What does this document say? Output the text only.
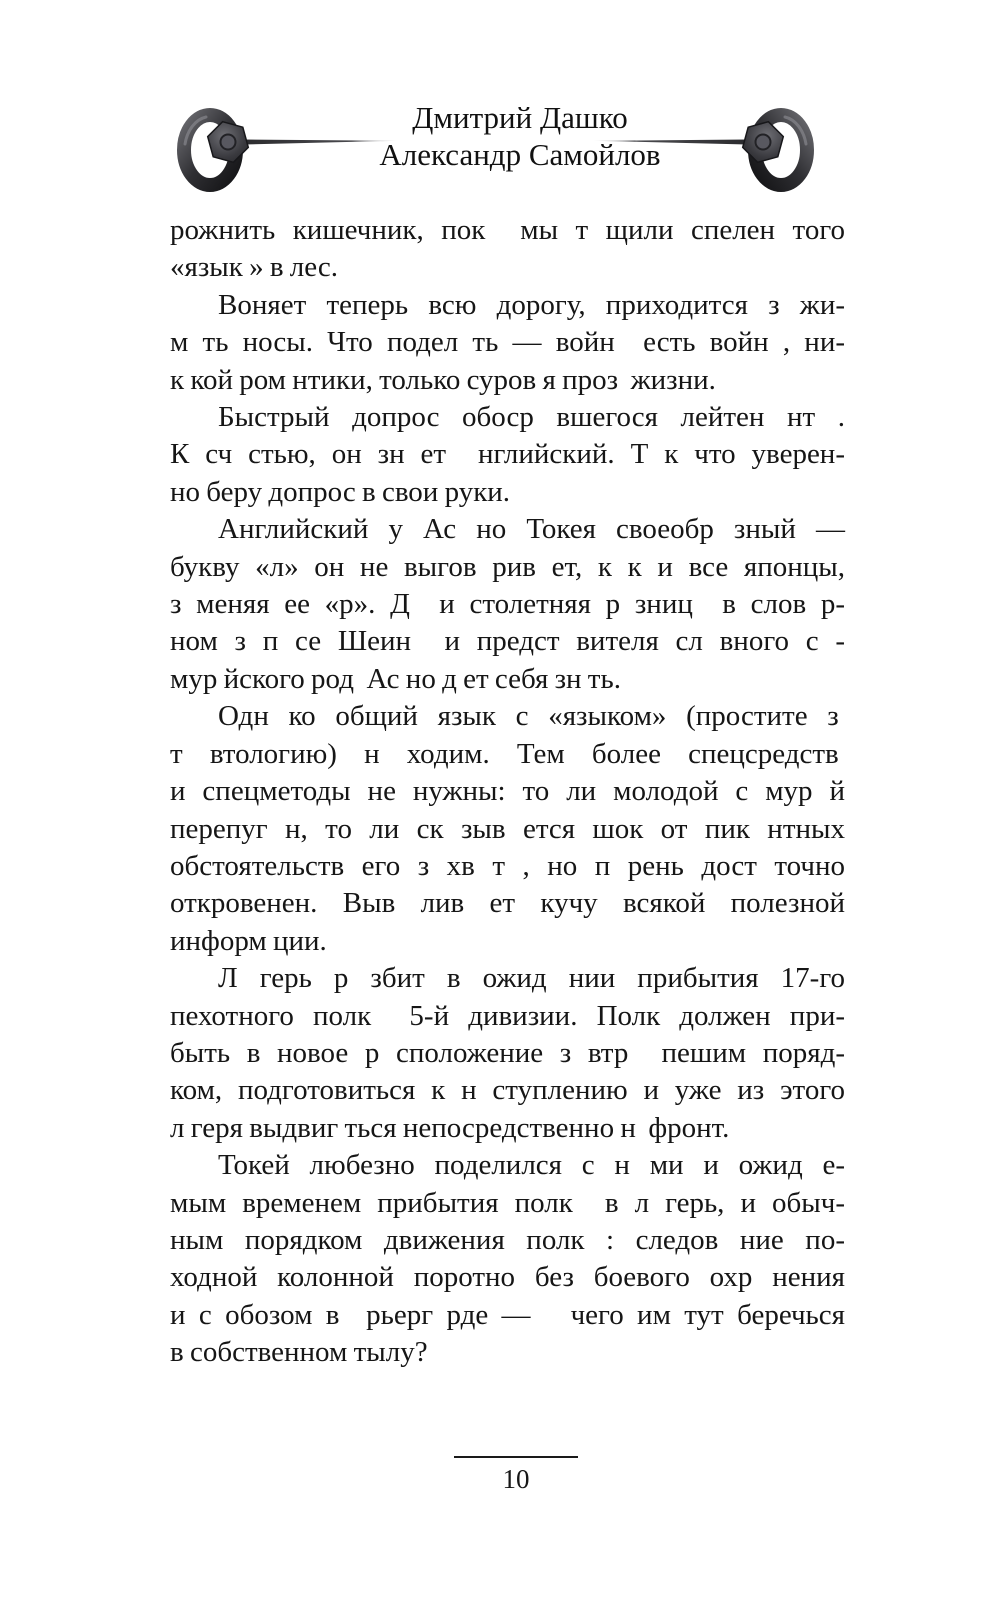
Дмитрий Дашко
Александр Самойлов
рожнить кишечник, пок  мы т щили спелен того
«язык » в лес.
Воняет теперь всю дорогу, приходится з жи-
м ть носы. Что подел ть — войн  есть войн , ни-
к кой ром нтики, только суров я проз  жизни.
Быстрый допрос обоср вшегося лейтен нт .
К сч стью, он зн ет  нглийский. Т к что уверен-
но беру допрос в свои руки.
Английский у Ас но Токея своеобр зный —
букву «л» он не выгов рив ет, к к и все японцы,
з меняя ее «р». Д  и столетняя р зниц  в слов р-
ном з п се Шеин  и предст вителя сл вного с -
мур йского род  Ас но д ет себя зн ть.
Одн ко общий язык с «языком» (простите з
т втологию) н ходим. Тем более спецсредств
и спецметоды не нужны: то ли молодой с мур й
перепуг н, то ли ск зыв ется шок от пик нтных
обстоятельств его з хв т , но п рень дост точно
откровенен. Выв лив ет кучу всякой полезной
информ ции.
Л герь р збит в ожид нии прибытия 17-го
пехотного полк  5-й дивизии. Полк должен при-
быть в новое р сположение з втр  пешим поряд-
ком, подготовиться к н ступлению и уже из этого
л геря выдвиг ться непосредственно н  фронт.
Токей любезно поделился с н ми и ожид е-
мым временем прибытия полк  в л герь, и обыч-
ным порядком движения полк : следов ние по-
ходной колонной поротно без боевого охр нения
и с обозом в  рьерг рде —   чего им тут беречься
в собственном тылу?
10
